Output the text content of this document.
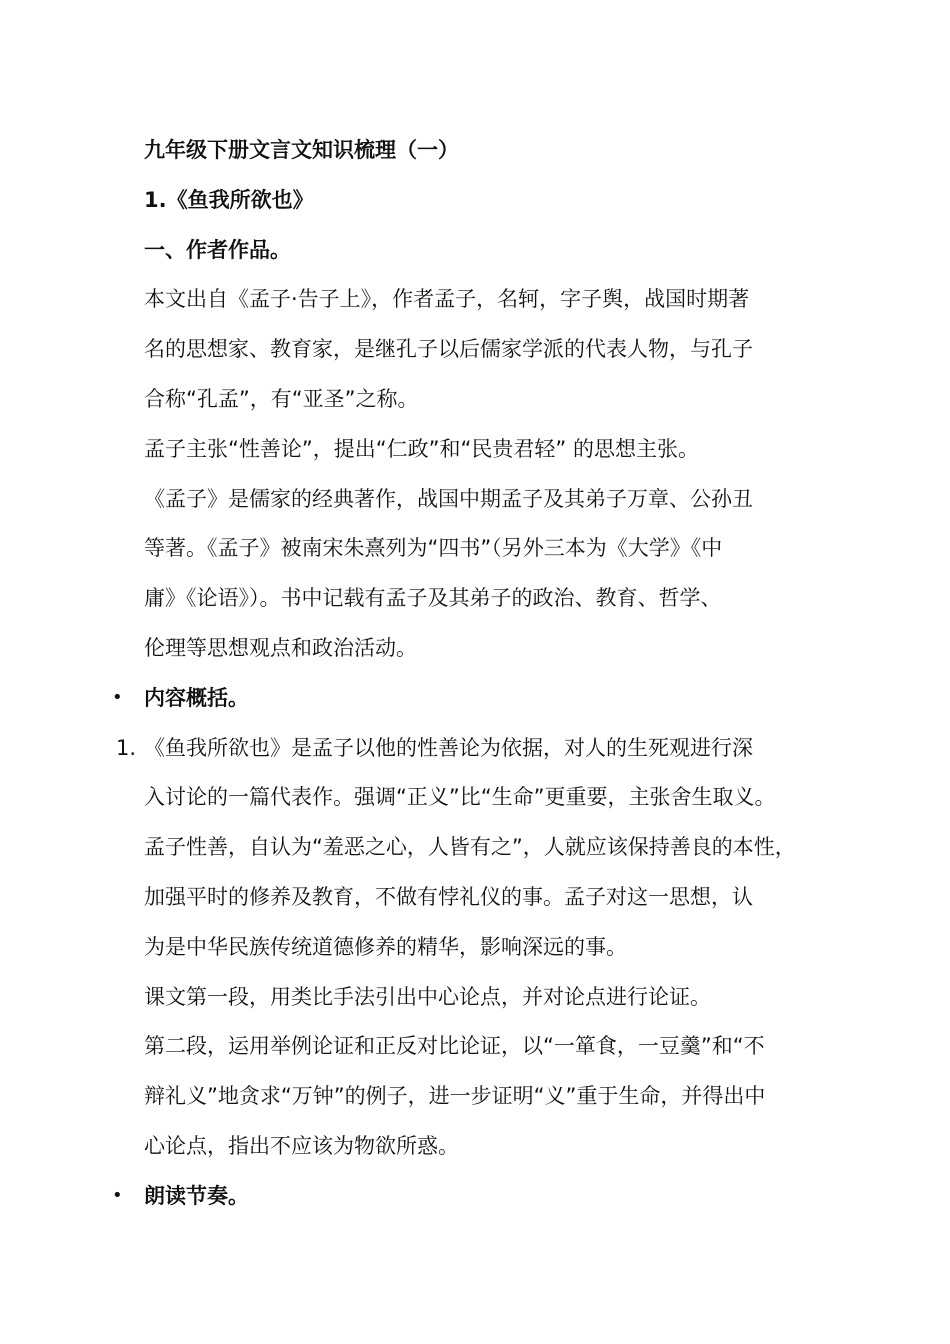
九年级下册文言文知识梳理（一）
1.《鱼我所欲也》
一、作者作品。
本文出自《孟子·告子上》，作者孟子，名轲，字子舆，战国时期著
名的思想家、教育家，是继孔子以后儒家学派的代表人物，与孔子
合称“孔孟”，有“亚圣”之称。
孟子主张“性善论”，提出“仁政”和“民贵君轻” 的思想主张。
《孟子》是儒家的经典著作，战国中期孟子及其弟子万章、公孙丑
等著。《孟子》被南宋朱熹列为“四书”（另外三本为《大学》《中
庸》《论语》）。书中记载有孟子及其弟子的政治、教育、哲学、
伦理等思想观点和政治活动。
• 内容概括。
1. 《鱼我所欲也》是孟子以他的性善论为依据，对人的生死观进行深
入讨论的一篇代表作。强调“正义”比“生命”更重要，主张舍生取义。
孟子性善，自认为“羞恶之心，人皆有之”，人就应该保持善良的本性，
加强平时的修养及教育，不做有悖礼仪的事。孟子对这一思想，认
为是中华民族传统道德修养的精华，影响深远的事。
课文第一段，用类比手法引出中心论点，并对论点进行论证。
第二段，运用举例论证和正反对比论证，以“一箪食，一豆羹”和“不
辩礼义”地贪求“万钟”的例子，进一步证明“义”重于生命，并得出中
心论点，指出不应该为物欲所惑。
• 朗读节奏。
